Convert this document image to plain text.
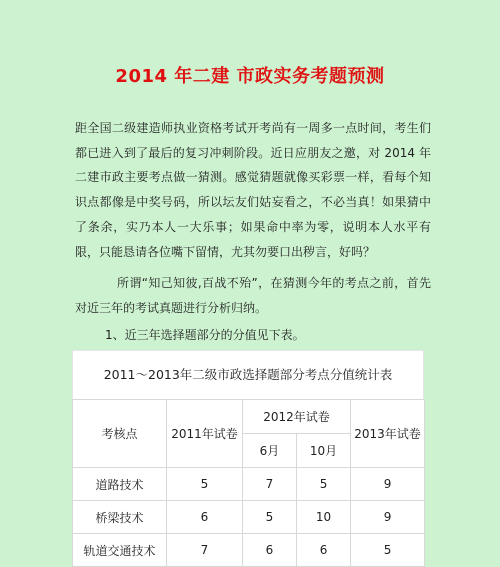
2014 年二建 市政实务考题预测

距全国二级建造师执业资格考试开考尚有一周多一点时间，考生们都已进入到了最后的复习冲刺阶段。近日应朋友之邀，对 2014 年二建市政主要考点做一猜测。感觉猜题就像买彩票一样，看每个知识点都像是中奖号码，所以坛友们姑妄看之，不必当真！如果猜中了条余，实乃本人一大乐事；如果命中率为零，说明本人水平有限，只能恳请各位嘴下留情，尤其勿要口出秽言，好吗？

所谓“知己知彼,百战不殆”，在猜测今年的考点之前，首先对近三年的考试真题进行分析归纳。

1、近三年选择题部分的分值见下表。

2011～2013年二级市政选择题部分考点分值统计表
考核点	2011年试卷	2012年试卷		2013年试卷
		6月	10月	
道路技术	5	7	5	9
桥梁技术	6	5	10	9
轨道交通技术	7	6	6	5
